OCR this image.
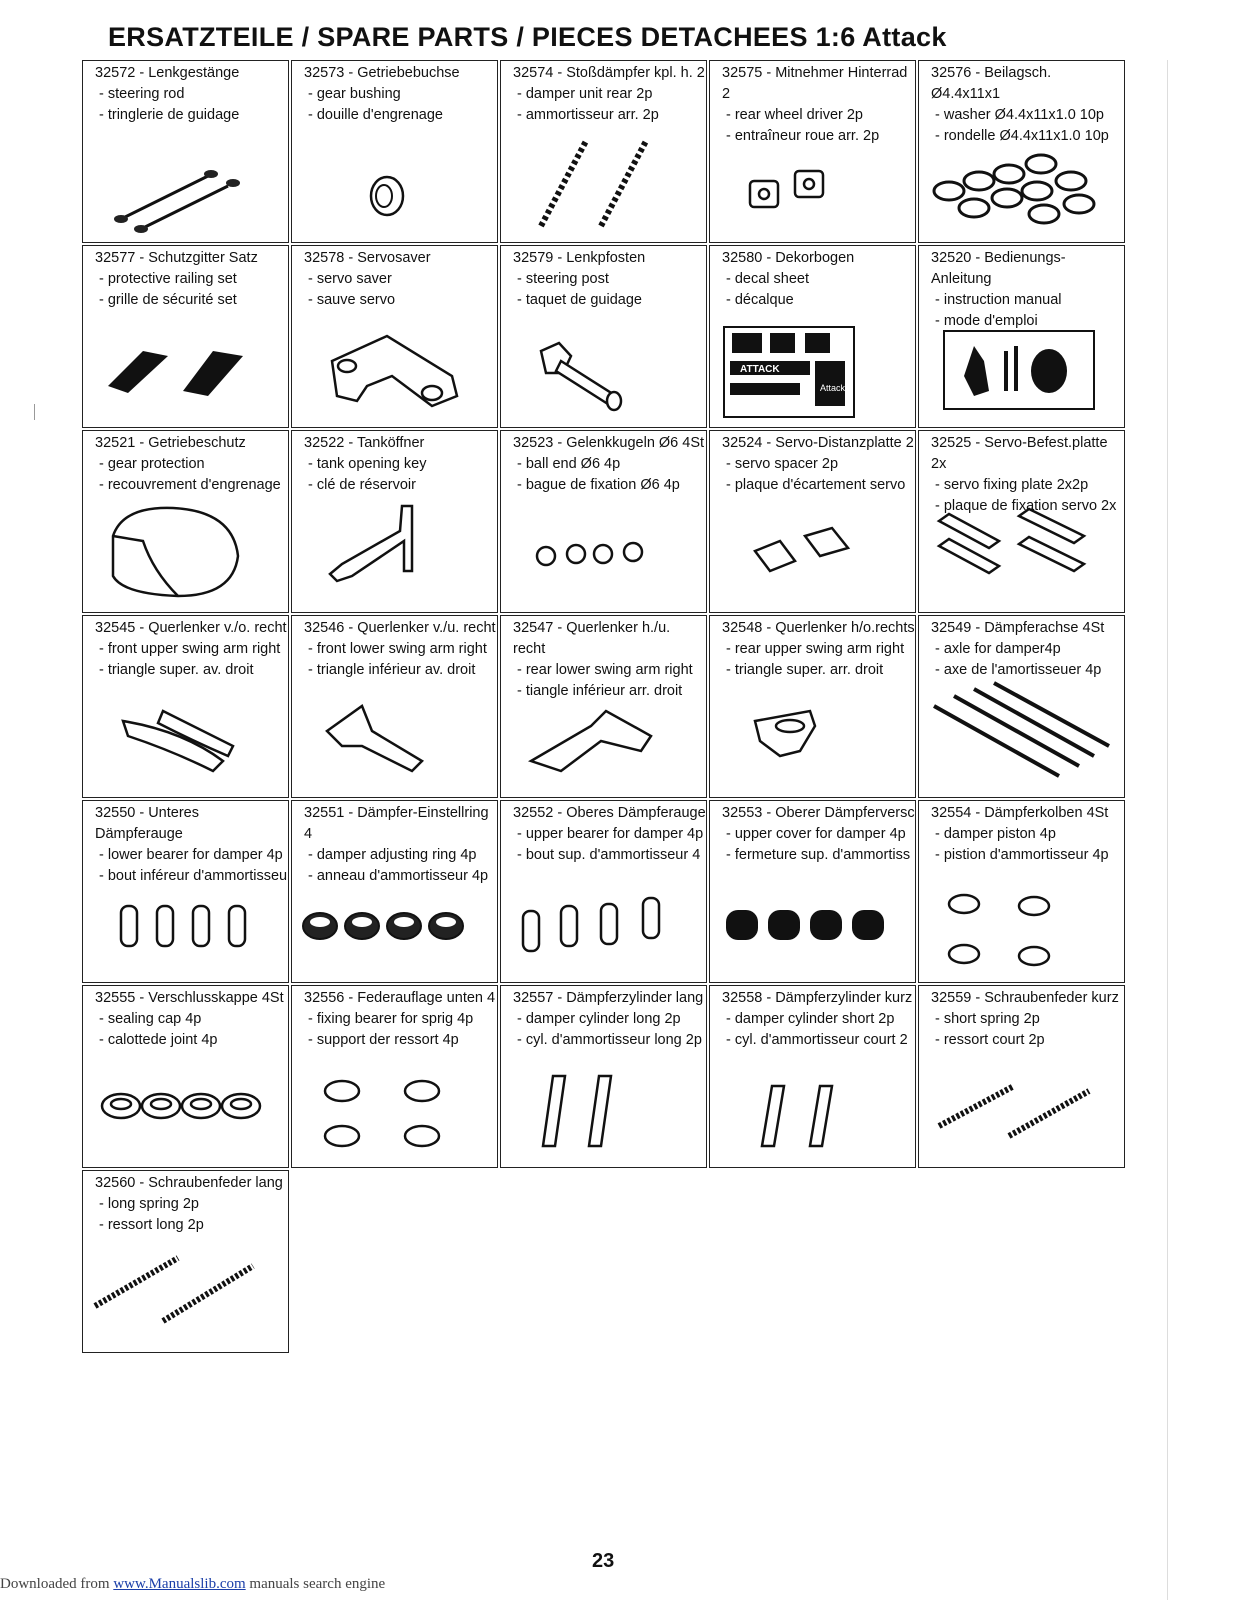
ERSATZTEILE / SPARE PARTS / PIECES DETACHEES 1:6 Attack
32572 - Lenkgestänge
- steering rod
- tringlerie de guidage
32573 - Getriebebuchse
- gear bushing
- douille d'engrenage
32574 - Stoßdämpfer kpl. h. 2
- damper unit rear 2p
- ammortisseur arr. 2p
32575 - Mitnehmer Hinterrad 2
- rear wheel driver 2p
- entraîneur roue arr. 2p
32576 - Beilagsch. Ø4.4x11x1
- washer Ø4.4x11x1.0 10p
- rondelle Ø4.4x11x1.0 10p
32577 - Schutzgitter Satz
- protective railing set
- grille de sécurité set
32578 - Servosaver
- servo saver
- sauve servo
32579 - Lenkpfosten
- steering post
- taquet de guidage
32580 - Dekorbogen
- decal sheet
- décalque
ATTACK
Attack
32520 - Bedienungs-Anleitung
- instruction manual
- mode d'emploi
32521 - Getriebeschutz
- gear protection
- recouvrement d'engrenage
32522 - Tanköffner
- tank opening key
- clé de réservoir
32523 - Gelenkkugeln Ø6 4St
- ball end Ø6 4p
- bague de fixation Ø6 4p
32524 - Servo-Distanzplatte 2
- servo spacer 2p
- plaque d'écartement servo
32525 - Servo-Befest.platte 2x
- servo fixing plate 2x2p
- plaque de fixation servo 2x
32545 - Querlenker v./o. recht
- front upper swing arm right
- triangle super. av. droit
32546 - Querlenker v./u. recht
- front lower swing arm right
- triangle inférieur av. droit
32547 - Querlenker h./u. recht
- rear lower swing arm right
- tiangle inférieur arr. droit
32548 - Querlenker h/o.rechts
- rear upper swing arm right
- triangle super. arr. droit
32549 - Dämpferachse 4St
- axle for damper4p
- axe de l'amortisseuer 4p
32550 - Unteres Dämpferauge
- lower bearer for damper 4p
- bout inféreur d'ammortisseu
32551 - Dämpfer-Einstellring 4
- damper adjusting ring 4p
- anneau d'ammortisseur 4p
32552 - Oberes Dämpferauge
- upper bearer for damper 4p
- bout sup. d'ammortisseur 4
32553 - Oberer Dämpferversc
- upper cover for damper 4p
- fermeture sup. d'ammortiss
32554 - Dämpferkolben 4St
- damper piston 4p
- pistion d'ammortisseur 4p
32555 - Verschlusskappe 4St
- sealing cap 4p
- calottede joint 4p
32556 - Federauflage unten 4
- fixing bearer for sprig 4p
- support der ressort 4p
32557 - Dämpferzylinder lang
- damper cylinder long 2p
- cyl. d'ammortisseur long 2p
32558 - Dämpferzylinder kurz
- damper cylinder short 2p
- cyl. d'ammortisseur court 2
32559 - Schraubenfeder kurz
- short spring 2p
- ressort court 2p
32560 - Schraubenfeder lang
- long spring 2p
- ressort long 2p
23
Downloaded from www.Manualslib.com manuals search engine
